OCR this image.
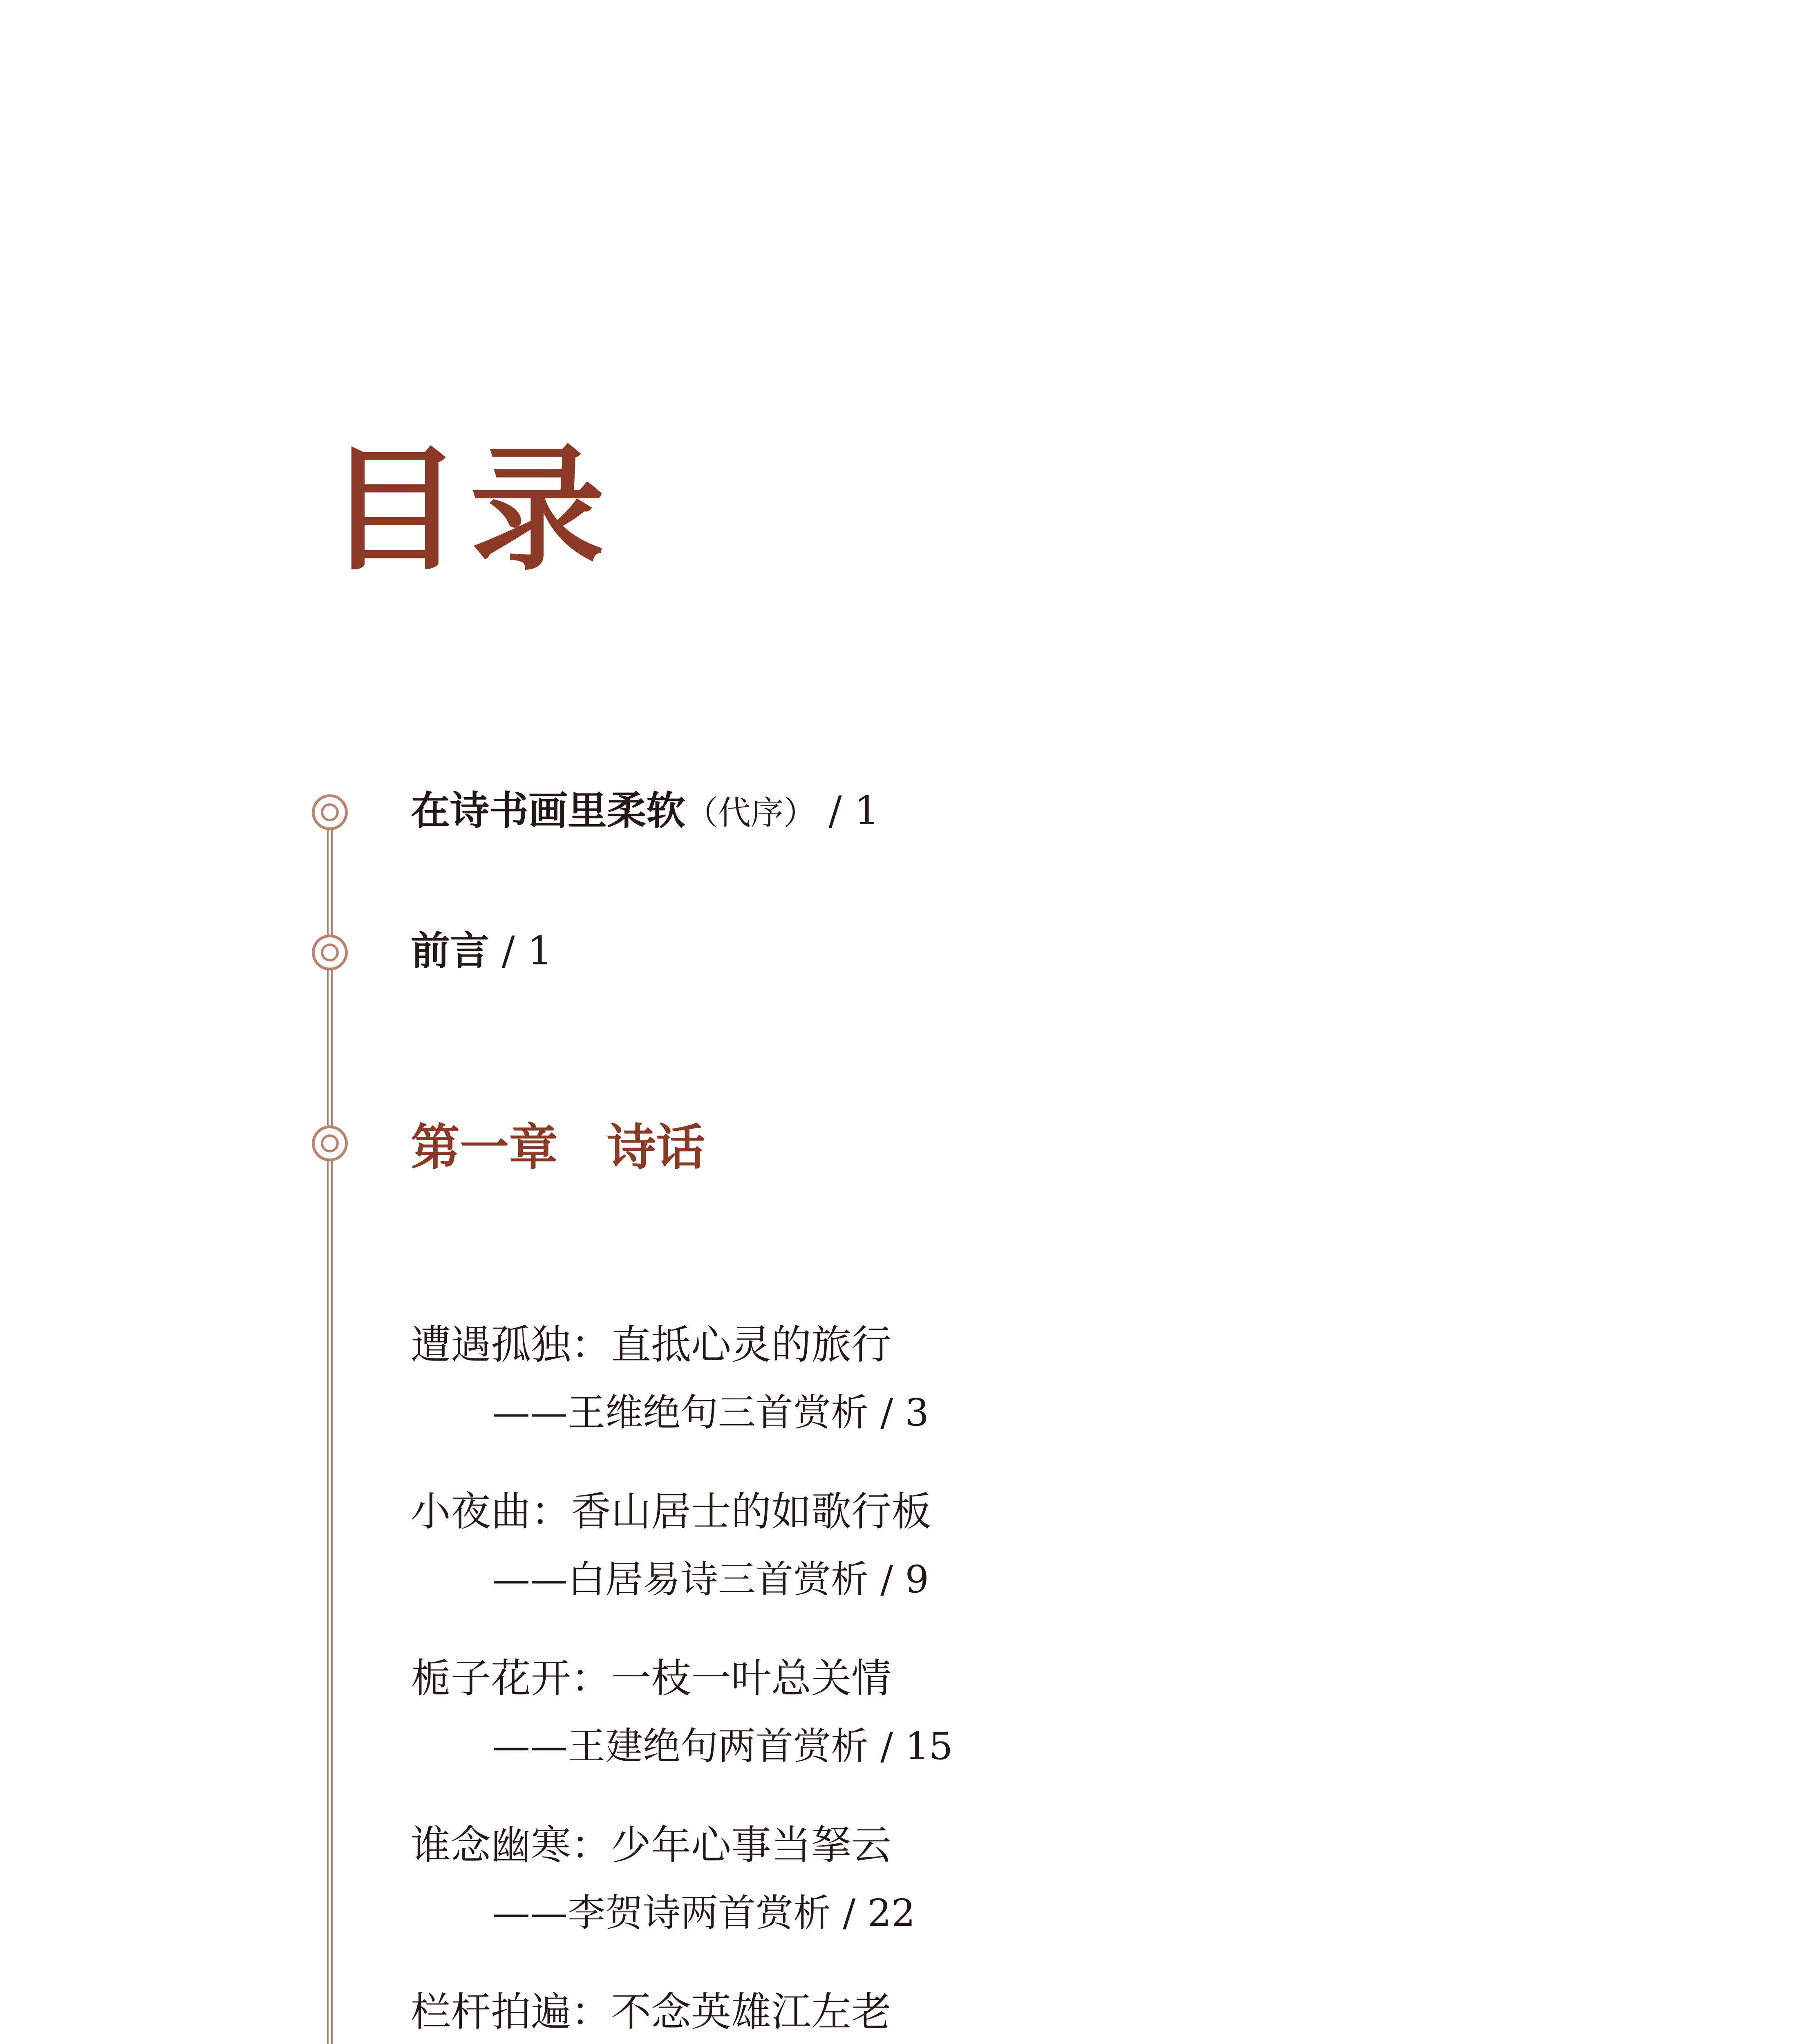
目录
在诗书画里柔软（代序） / 1
前言 / 1
第一章 诗话
遭遇孤独：直抵心灵的旅行
——王维绝句三首赏析 / 3
小夜曲：香山居士的如歌行板
——白居易诗三首赏析 / 9
栀子花开：一枝一叶总关情
——王建绝句两首赏析 / 15
谁念幽寒：少年心事当拏云
——李贺诗两首赏析 / 22
栏杆拍遍：不念英雄江左老
